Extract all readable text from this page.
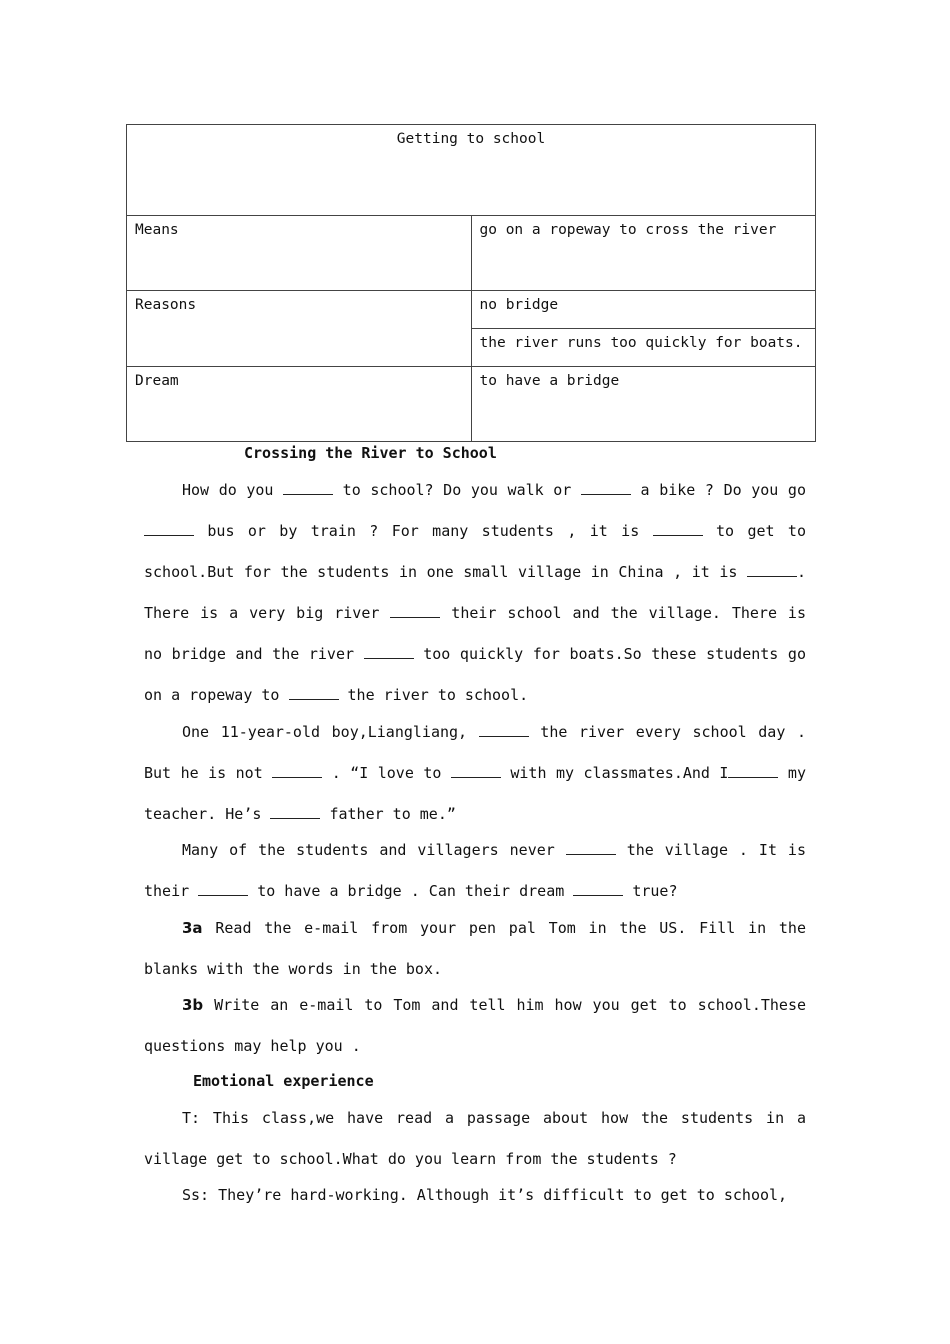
Getting to school	
Means	go on a ropeway to cross the river
Reasons	no bridge
	the river runs too quickly for boats.
Dream	to have a bridge
Crossing the River to School

How do you	to school? Do you walk or	a bike ? Do you go  bus or by train ? For many students , it is	to get to school.But for the students in one small village in China , it is	. There is a very big river	their school and the village. There is no bridge and the river	too quickly for boats.So these students go on a ropeway to	the river to school.

One 11-year-old boy,Liangliang,	the river every school day . But he is not	. “I love to	with my classmates.And I	my teacher. He’s	father to me.”

Many of the students and villagers never	the village . It is their	to have a bridge . Can their dream	true?

3a Read the e-mail from your pen pal Tom in the US. Fill in the blanks with the words in the box.

3b Write an e-mail to Tom and tell him how you get to school.These questions may help you .

Emotional experience

T: This class,we have read a passage about how the students in a village get to school.What do you learn from the students ?

Ss: They’re hard-working. Although it’s difficult to get to school,
